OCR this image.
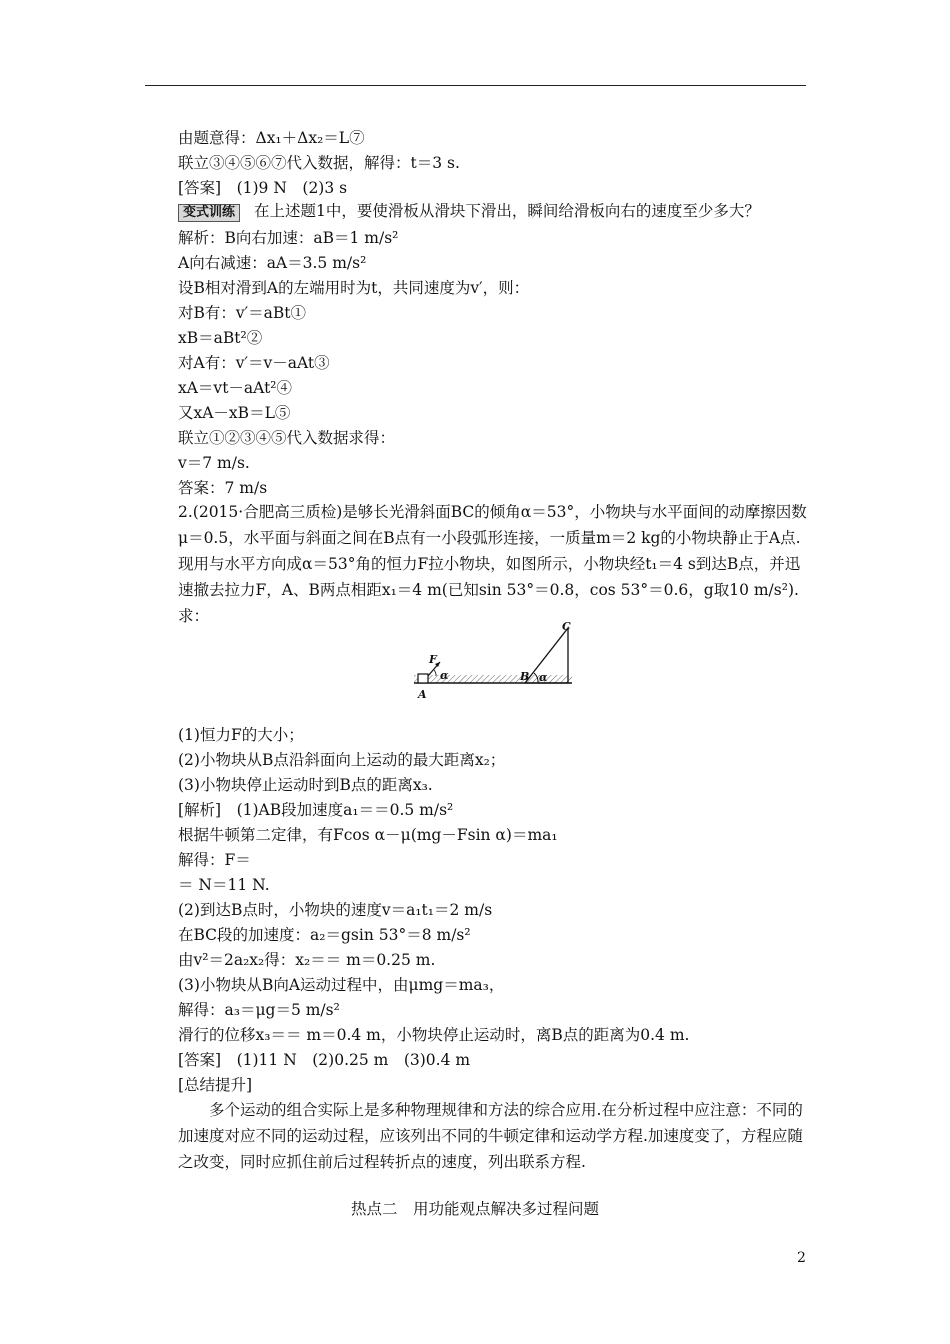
由题意得：Δx₁＋Δx₂＝L⑦
联立③④⑤⑥⑦代入数据，解得：t＝3 s.
[答案]　(1)9 N　(2)3 s
变式训练 在上述题1中，要使滑板从滑块下滑出，瞬间给滑板向右的速度至少多大？
解析：B向右加速：aB＝1 m/s²
A向右减速：aA＝3.5 m/s²
设B相对滑到A的左端用时为t，共同速度为v′，则：
对B有：v′＝aBt①
xB＝aBt²②
对A有：v′＝v－aAt③
xA＝vt－aAt²④
又xA－xB＝L⑤
联立①②③④⑤代入数据求得：
v＝7 m/s.
答案：7 m/s
2.(2015·合肥高三质检)是够长光滑斜面BC的倾角α＝53°，小物块与水平面间的动摩擦因数μ＝0.5，水平面与斜面之间在B点有一小段弧形连接，一质量m＝2 kg的小物块静止于A点.现用与水平方向成α＝53°角的恒力F拉小物块，如图所示，小物块经t₁＝4 s到达B点，并迅速撤去拉力F，A、B两点相距x₁＝4 m(已知sin 53°＝0.8，cos 53°＝0.6，g取10 m/s²).求：
C
F
α	B α
A
(1)恒力F的大小；
(2)小物块从B点沿斜面向上运动的最大距离x₂；
(3)小物块停止运动时到B点的距离x₃.
[解析]　(1)AB段加速度a₁＝＝0.5 m/s²
根据牛顿第二定律，有Fcos α－μ(mg－Fsin α)＝ma₁
解得：F＝
＝ N＝11 N.
(2)到达B点时，小物块的速度v＝a₁t₁＝2 m/s
在BC段的加速度：a₂＝gsin 53°＝8 m/s²
由v²＝2a₂x₂得：x₂＝＝ m＝0.25 m.
(3)小物块从B向A运动过程中，由μmg＝ma₃，
解得：a₃＝μg＝5 m/s²
滑行的位移x₃＝＝ m＝0.4 m，小物块停止运动时，离B点的距离为0.4 m.
[答案]　(1)11 N　(2)0.25 m　(3)0.4 m
[总结提升]
多个运动的组合实际上是多种物理规律和方法的综合应用.在分析过程中应注意：不同的加速度对应不同的运动过程，应该列出不同的牛顿定律和运动学方程.加速度变了，方程应随之改变，同时应抓住前后过程转折点的速度，列出联系方程.
热点二　用功能观点解决多过程问题
2
